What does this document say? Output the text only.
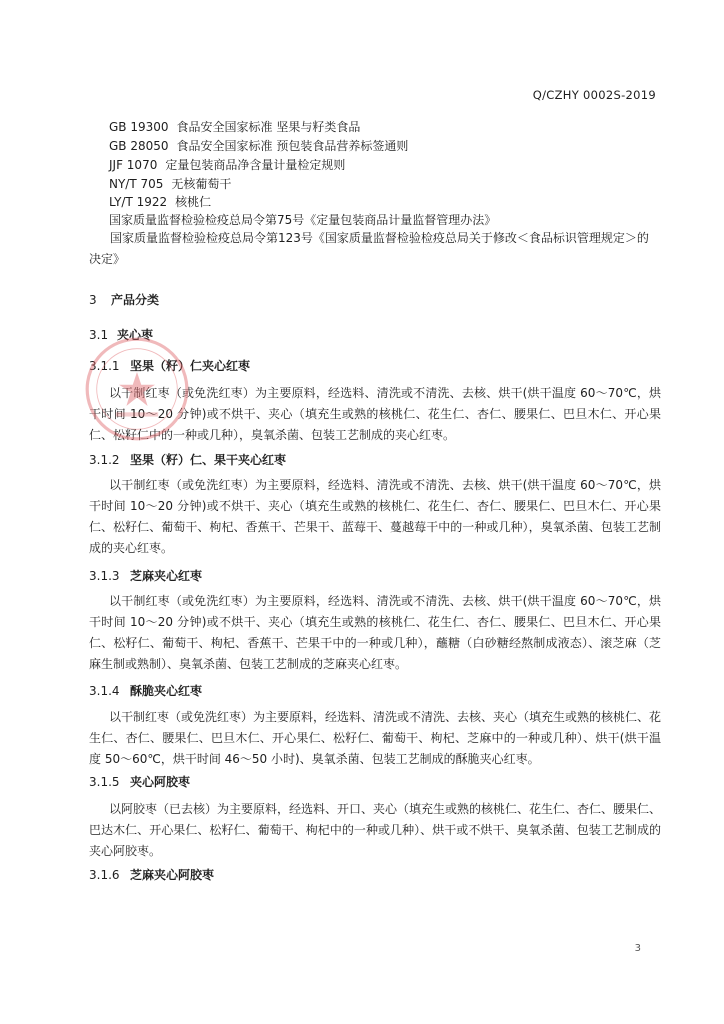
Q/CZHY 0002S-2019
GB 19300 食品安全国家标准 坚果与籽类食品
GB 28050 食品安全国家标准 预包装食品营养标签通则
JJF 1070 定量包装商品净含量计量检定规则
NY/T 705 无核葡萄干
LY/T 1922 核桃仁
国家质量监督检验检疫总局令第75号《定量包装商品计量监督管理办法》
国家质量监督检验检疫总局令第123号《国家质量监督检验检疫总局关于修改＜食品标识管理规定＞的决定》
3 产品分类
3.1 夹心枣
3.1.1 坚果（籽）仁夹心红枣
以干制红枣（或免洗红枣）为主要原料，经选料、清洗或不清洗、去核、烘干(烘干温度 60～70℃，烘干时间 10～20 分钟)或不烘干、夹心（填充生或熟的核桃仁、花生仁、杏仁、腰果仁、巴旦木仁、开心果仁、松籽仁中的一种或几种），臭氧杀菌、包装工艺制成的夹心红枣。
3.1.2 坚果（籽）仁、果干夹心红枣
以干制红枣（或免洗红枣）为主要原料，经选料、清洗或不清洗、去核、烘干(烘干温度 60～70℃，烘干时间 10～20 分钟)或不烘干、夹心（填充生或熟的核桃仁、花生仁、杏仁、腰果仁、巴旦木仁、开心果仁、松籽仁、葡萄干、枸杞、香蕉干、芒果干、蓝莓干、蔓越莓干中的一种或几种），臭氧杀菌、包装工艺制成的夹心红枣。
3.1.3 芝麻夹心红枣
以干制红枣（或免洗红枣）为主要原料，经选料、清洗或不清洗、去核、烘干(烘干温度 60～70℃，烘干时间 10～20 分钟)或不烘干、夹心（填充生或熟的核桃仁、花生仁、杏仁、腰果仁、巴旦木仁、开心果仁、松籽仁、葡萄干、枸杞、香蕉干、芒果干中的一种或几种），蘸糖（白砂糖经熬制成液态）、滚芝麻（芝麻生制或熟制）、臭氧杀菌、包装工艺制成的芝麻夹心红枣。
3.1.4 酥脆夹心红枣
以干制红枣（或免洗红枣）为主要原料，经选料、清洗或不清洗、去核、夹心（填充生或熟的核桃仁、花生仁、杏仁、腰果仁、巴旦木仁、开心果仁、松籽仁、葡萄干、枸杞、芝麻中的一种或几种）、烘干(烘干温度 50～60℃，烘干时间 46～50 小时)、臭氧杀菌、包装工艺制成的酥脆夹心红枣。
3.1.5 夹心阿胶枣
以阿胶枣（已去核）为主要原料，经选料、开口、夹心（填充生或熟的核桃仁、花生仁、杏仁、腰果仁、巴达木仁、开心果仁、松籽仁、葡萄干、枸杞中的一种或几种）、烘干或不烘干、臭氧杀菌、包装工艺制成的夹心阿胶枣。
3.1.6 芝麻夹心阿胶枣
3
